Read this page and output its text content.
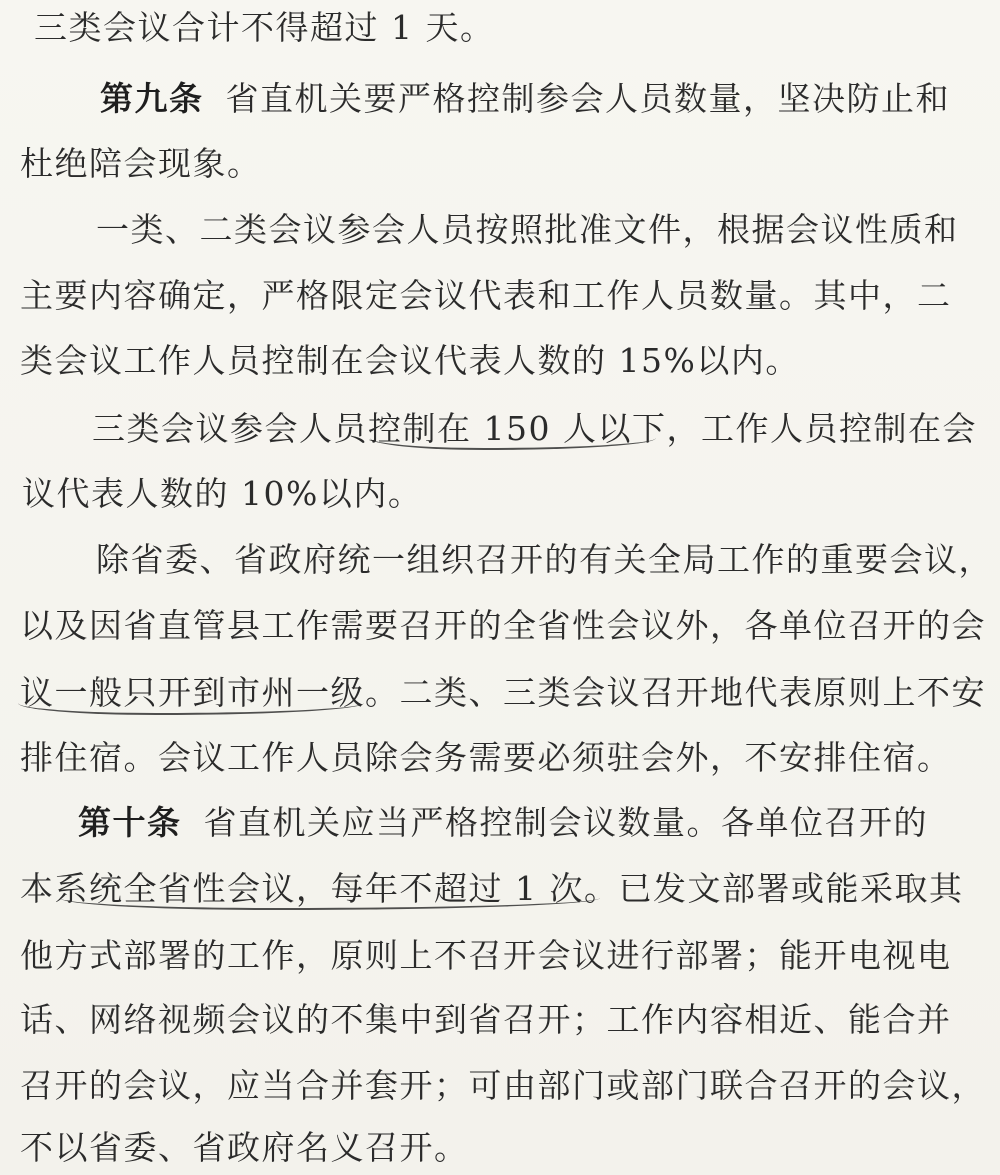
三类会议合计不得超过 1 天。
第九条 省直机关要严格控制参会人员数量，坚决防止和
杜绝陪会现象。
一类、二类会议参会人员按照批准文件，根据会议性质和
主要内容确定，严格限定会议代表和工作人员数量。其中，二
类会议工作人员控制在会议代表人数的 15%以内。
三类会议参会人员控制在 150 人以下，工作人员控制在会
议代表人数的 10%以内。
除省委、省政府统一组织召开的有关全局工作的重要会议，
以及因省直管县工作需要召开的全省性会议外，各单位召开的会
议一般只开到市州一级。二类、三类会议召开地代表原则上不安
排住宿。会议工作人员除会务需要必须驻会外，不安排住宿。
第十条 省直机关应当严格控制会议数量。各单位召开的
本系统全省性会议，每年不超过 1 次。已发文部署或能采取其
他方式部署的工作，原则上不召开会议进行部署；能开电视电
话、网络视频会议的不集中到省召开；工作内容相近、能合并
召开的会议，应当合并套开；可由部门或部门联合召开的会议，
不以省委、省政府名义召开。
